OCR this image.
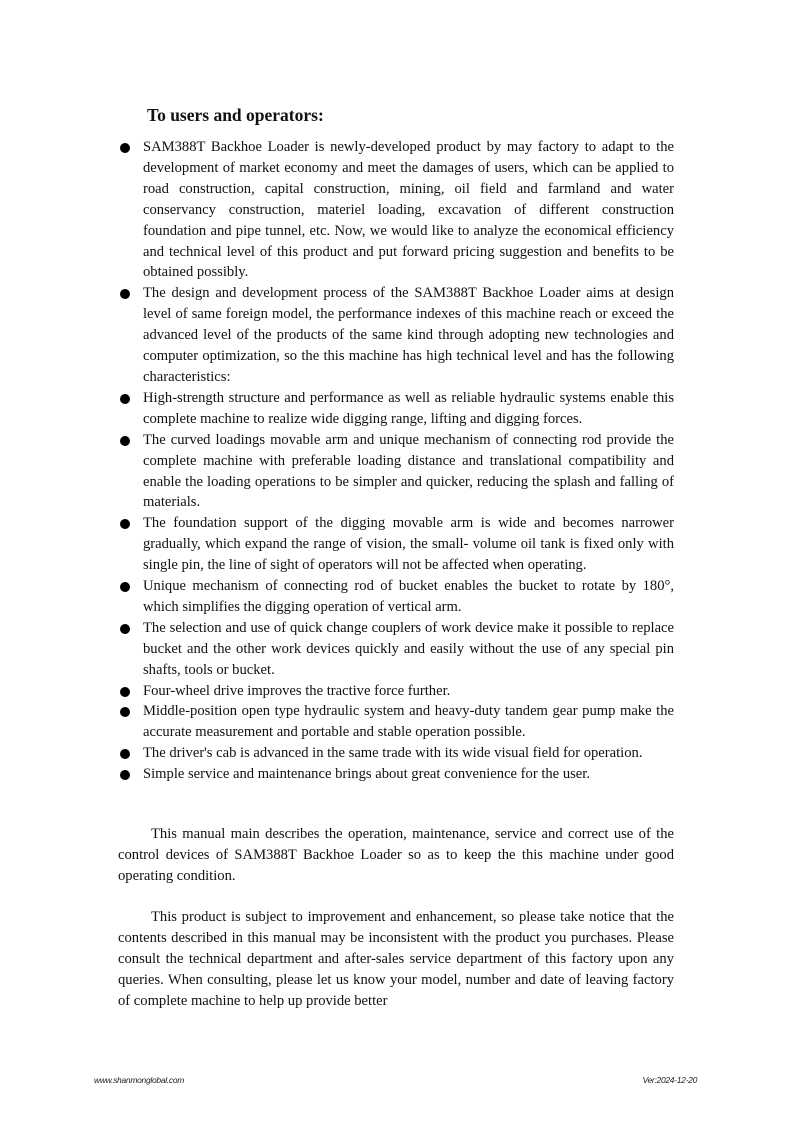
To users and operators:
SAM388T Backhoe Loader is newly-developed product by may factory to adapt to the development of market economy and meet the damages of users, which can be applied to road construction, capital construction, mining, oil field and farmland and water conservancy construction, materiel loading, excavation of different construction foundation and pipe tunnel, etc. Now, we would like to analyze the economical efficiency and technical level of this product and put forward pricing suggestion and benefits to be obtained possibly.
The design and development process of the SAM388T Backhoe Loader aims at design level of same foreign model, the performance indexes of this machine reach or exceed the advanced level of the products of the same kind through adopting new technologies and computer optimization, so the this machine has high technical level and has the following characteristics:
High-strength structure and performance as well as reliable hydraulic systems enable this complete machine to realize wide digging range, lifting and digging forces.
The curved loadings movable arm and unique mechanism of connecting rod provide the complete machine with preferable loading distance and translational compatibility and enable the loading operations to be simpler and quicker, reducing the splash and falling of materials.
The foundation support of the digging movable arm is wide and becomes narrower gradually, which expand the range of vision, the small- volume oil tank is fixed only with single pin, the line of sight of operators will not be affected when operating.
Unique mechanism of connecting rod of bucket enables the bucket to rotate by 180°, which simplifies the digging operation of vertical arm.
The selection and use of quick change couplers of work device make it possible to replace bucket and the other work devices quickly and easily without the use of any special pin shafts, tools or bucket.
Four-wheel drive improves the tractive force further.
Middle-position open type hydraulic system and heavy-duty tandem gear pump make the accurate measurement and portable and stable operation possible.
The driver's cab is advanced in the same trade with its wide visual field for operation.
Simple service and maintenance brings about great convenience for the user.

This manual main describes the operation, maintenance, service and correct use of the control devices of SAM388T Backhoe Loader so as to keep the this machine under good operating condition.

This product is subject to improvement and enhancement, so please take notice that the contents described in this manual may be inconsistent with the product you purchases. Please consult the technical department and after-sales service department of this factory upon any queries. When consulting, please let us know your model, number and date of leaving factory of complete machine to help up provide better

www.shanmonglobal.com	Ver:2024-12-20
